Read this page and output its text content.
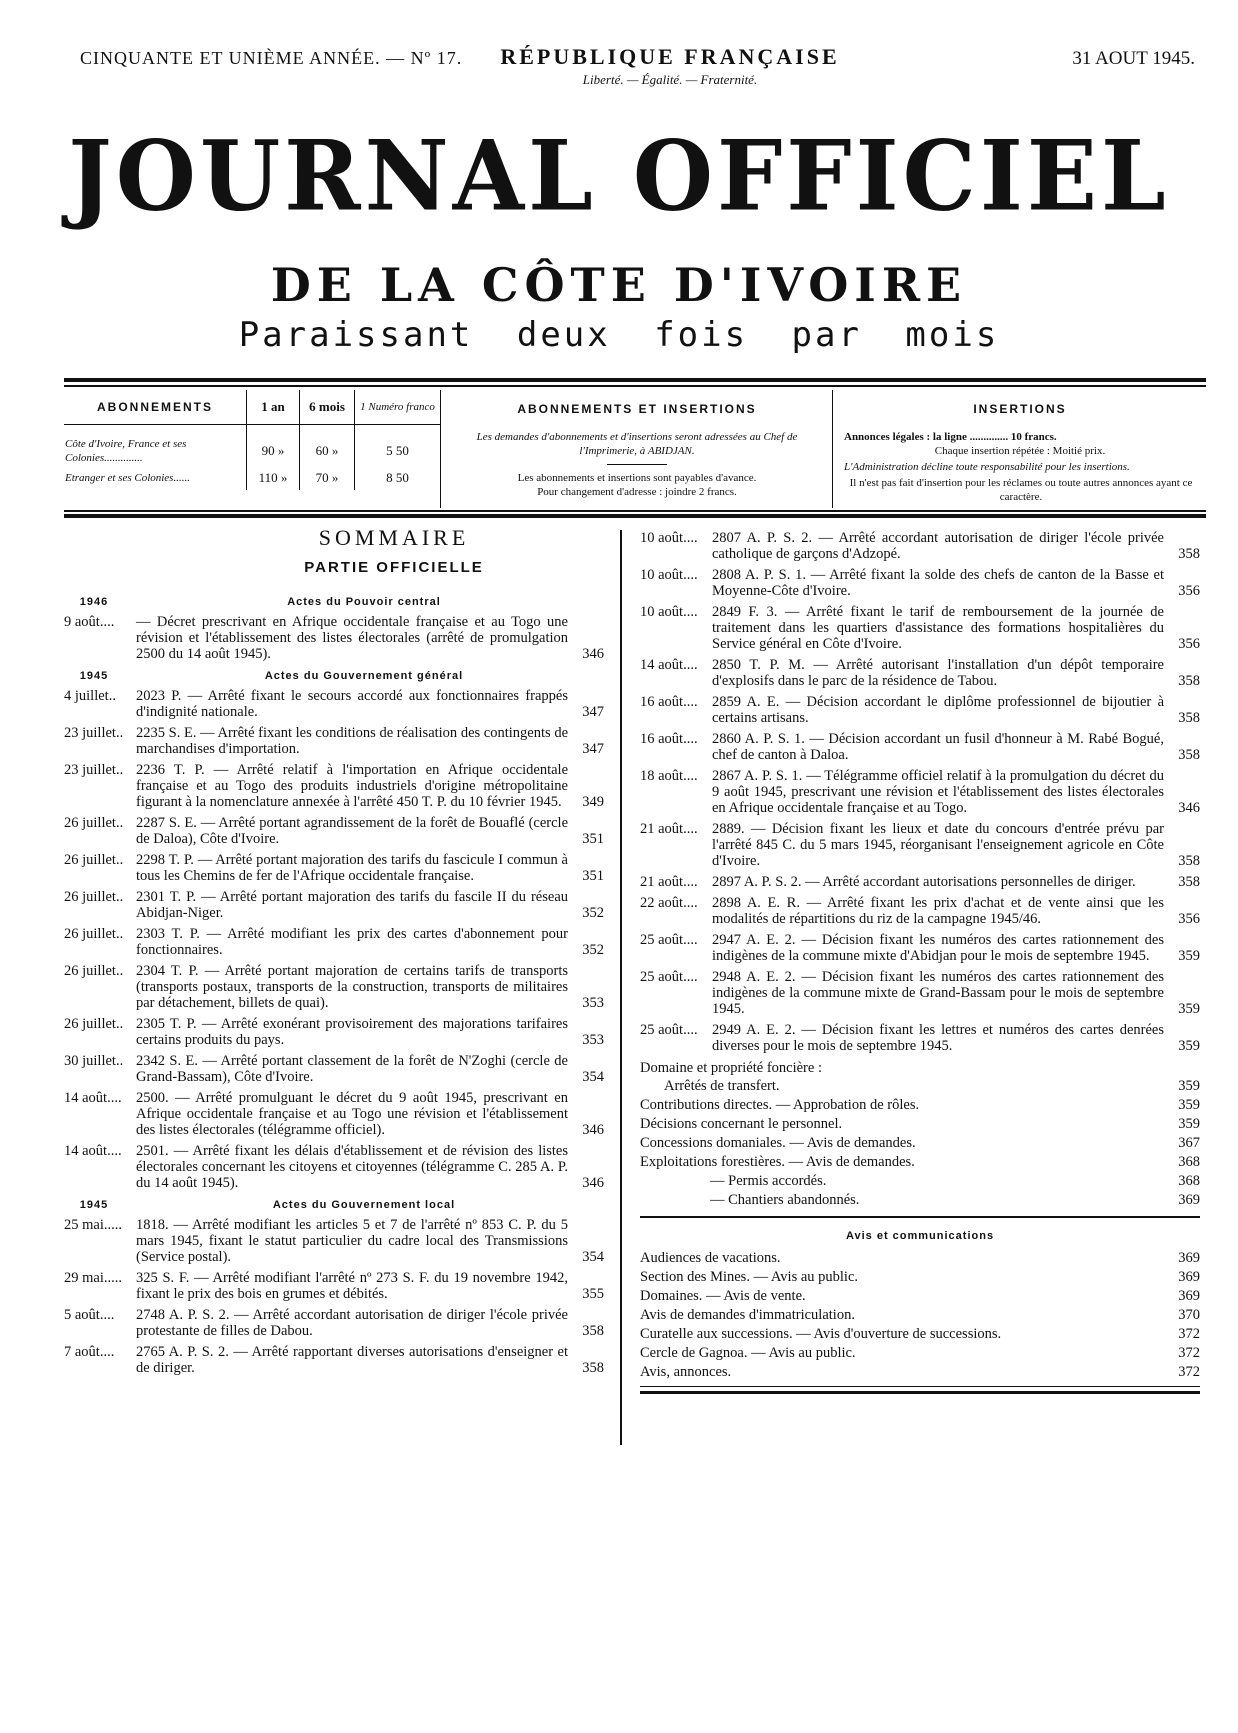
CINQUANTE ET UNIÈME ANNÉE. — Nº 17. RÉPUBLIQUE FRANÇAISE
Liberté. — Égalité. — Fraternité.
31 AOUT 1945.
JOURNAL OFFICIEL
DE LA CÔTE D'IVOIRE
Paraissant deux fois par mois
ABONNEMENTS	1 an	6 mois	1 Numéro franco
Côte d'Ivoire, France et ses Colonies..............	90 »	60 »	5 50
Etranger et ses Colonies......	110 »	70 »	8 50
ABONNEMENTS ET INSERTIONS
Les demandes d'abonnements et d'insertions seront adressées au Chef de l'Imprimerie, à ABIDJAN.
Les abonnements et insertions sont payables d'avance.
Pour changement d'adresse : joindre 2 francs.
INSERTIONS
Annonces légales : la ligne .............. 10 francs.
Chaque insertion répétée : Moitié prix.
L'Administration décline toute responsabilité pour les insertions.
Il n'est pas fait d'insertion pour les réclames ou toute autres annonces ayant ce caractère.
SOMMAIRE
PARTIE OFFICIELLE
1946	Actes du Pouvoir central
9 août....	— Décret prescrivant en Afrique occidentale française et au Togo une révision et l'établissement des listes électorales (arrêté de promulgation 2500 du 14 août 1945).	346
1945	Actes du Gouvernement général
4 juillet..	2023 P. — Arrêté fixant le secours accordé aux fonctionnaires frappés d'indignité nationale.	347
23 juillet.. 2235 S. E. — Arrêté fixant les conditions de réalisation des contingents de marchandises d'importation.	347
23 juillet.. 2236 T. P. — Arrêté relatif à l'importation en Afrique occidentale française et au Togo des produits industriels d'origine métropolitaine figurant à la nomenclature annexée à l'arrêté 450 T. P. du 10 février 1945.	349
26 juillet.. 2287 S. E. — Arrêté portant agrandissement de la forêt de Bouaflé (cercle de Daloa), Côte d'Ivoire.	351
26 juillet.. 2298 T. P. — Arrêté portant majoration des tarifs du fascicule I commun à tous les Chemins de fer de l'Afrique occidentale française.	351
26 juillet.. 2301 T. P. — Arrêté portant majoration des tarifs du fascile II du réseau Abidjan-Niger.	352
26 juillet.. 2303 T. P. — Arrêté modifiant les prix des cartes d'abonnement pour fonctionnaires.	352
26 juillet.. 2304 T. P. — Arrêté portant majoration de certains tarifs de transports (transports postaux, transports de la construction, transports de militaires par détachement, billets de quai).	353
26 juillet.. 2305 T. P. — Arrêté exonérant provisoirement des majorations tarifaires certains produits du pays.	353
30 juillet.. 2342 S. E. — Arrêté portant classement de la forêt de N'Zoghi (cercle de Grand-Bassam), Côte d'Ivoire.	354
14 août.... 2500. — Arrêté promulguant le décret du 9 août 1945, prescrivant en Afrique occidentale française et au Togo une révision et l'établissement des listes électorales (télégramme officiel).	346
14 août.... 2501. — Arrêté fixant les délais d'établissement et de révision des listes électorales concernant les citoyens et citoyennes (télégramme C. 285 A. P. du 14 août 1945).	346
1945	Actes du Gouvernement local
25 mai..... 1818. — Arrêté modifiant les articles 5 et 7 de l'arrêté nº 853 C. P. du 5 mars 1945, fixant le statut particulier du cadre local des Transmissions (Service postal).	354
29 mai..... 325 S. F. — Arrêté modifiant l'arrêté nº 273 S. F. du 19 novembre 1942, fixant le prix des bois en grumes et débités.	355
5 août....	2748 A. P. S. 2. — Arrêté accordant autorisation de diriger l'école privée protestante de filles de Dabou.	358
7 août....	2765 A. P. S. 2. — Arrêté rapportant diverses autorisations d'enseigner et de diriger.	358
10 août.... 2807 A. P. S. 2. — Arrêté accordant autorisation de diriger l'école privée catholique de garçons d'Adzopé.	358
10 août.... 2808 A. P. S. 1. — Arrêté fixant la solde des chefs de canton de la Basse et Moyenne-Côte d'Ivoire.	356
10 août.... 2849 F. 3. — Arrêté fixant le tarif de remboursement de la journée de traitement dans les quartiers d'assistance des formations hospitalières du Service général en Côte d'Ivoire.	356
14 août.... 2850 T. P. M. — Arrêté autorisant l'installation d'un dépôt temporaire d'explosifs dans le parc de la résidence de Tabou.	358
16 août.... 2859 A. E. — Décision accordant le diplôme professionnel de bijoutier à certains artisans.	358
16 août.... 2860 A. P. S. 1. — Décision accordant un fusil d'honneur à M. Rabé Bogué, chef de canton à Daloa.	358
18 août.... 2867 A. P. S. 1. — Télégramme officiel relatif à la promulgation du décret du 9 août 1945, prescrivant une révision et l'établissement des listes électorales en Afrique occidentale française et au Togo.	346
21 août.... 2889. — Décision fixant les lieux et date du concours d'entrée prévu par l'arrêté 845 C. du 5 mars 1945, réorganisant l'enseignement agricole en Côte d'Ivoire.	358
21 août.... 2897 A. P. S. 2. — Arrêté accordant autorisations personnelles de diriger.	358
22 août.... 2898 A. E. R. — Arrêté fixant les prix d'achat et de vente ainsi que les modalités de répartitions du riz de la campagne 1945/46.	356
25 août.... 2947 A. E. 2. — Décision fixant les numéros des cartes rationnement des indigènes de la commune mixte d'Abidjan pour le mois de septembre 1945.	359
25 août.... 2948 A. E. 2. — Décision fixant les numéros des cartes rationnement des indigènes de la commune mixte de Grand-Bassam pour le mois de septembre 1945.	359
25 août.... 2949 A. E. 2. — Décision fixant les lettres et numéros des cartes denrées diverses pour le mois de septembre 1945.	359
Domaine et propriété foncière :
Arrêtés de transfert.	359
Contributions directes. — Approbation de rôles.	359
Décisions concernant le personnel.	359
Concessions domaniales. — Avis de demandes.	367
Exploitations forestières. — Avis de demandes.	368
— Permis accordés.	368
— Chantiers abandonnés.	369
Avis et communications
Audiences de vacations.	369
Section des Mines. — Avis au public.	369
Domaines. — Avis de vente.	369
Avis de demandes d'immatriculation.	370
Curatelle aux successions. — Avis d'ouverture de successions.	372
Cercle de Gagnoa. — Avis au public.	372
Avis, annonces.	372
